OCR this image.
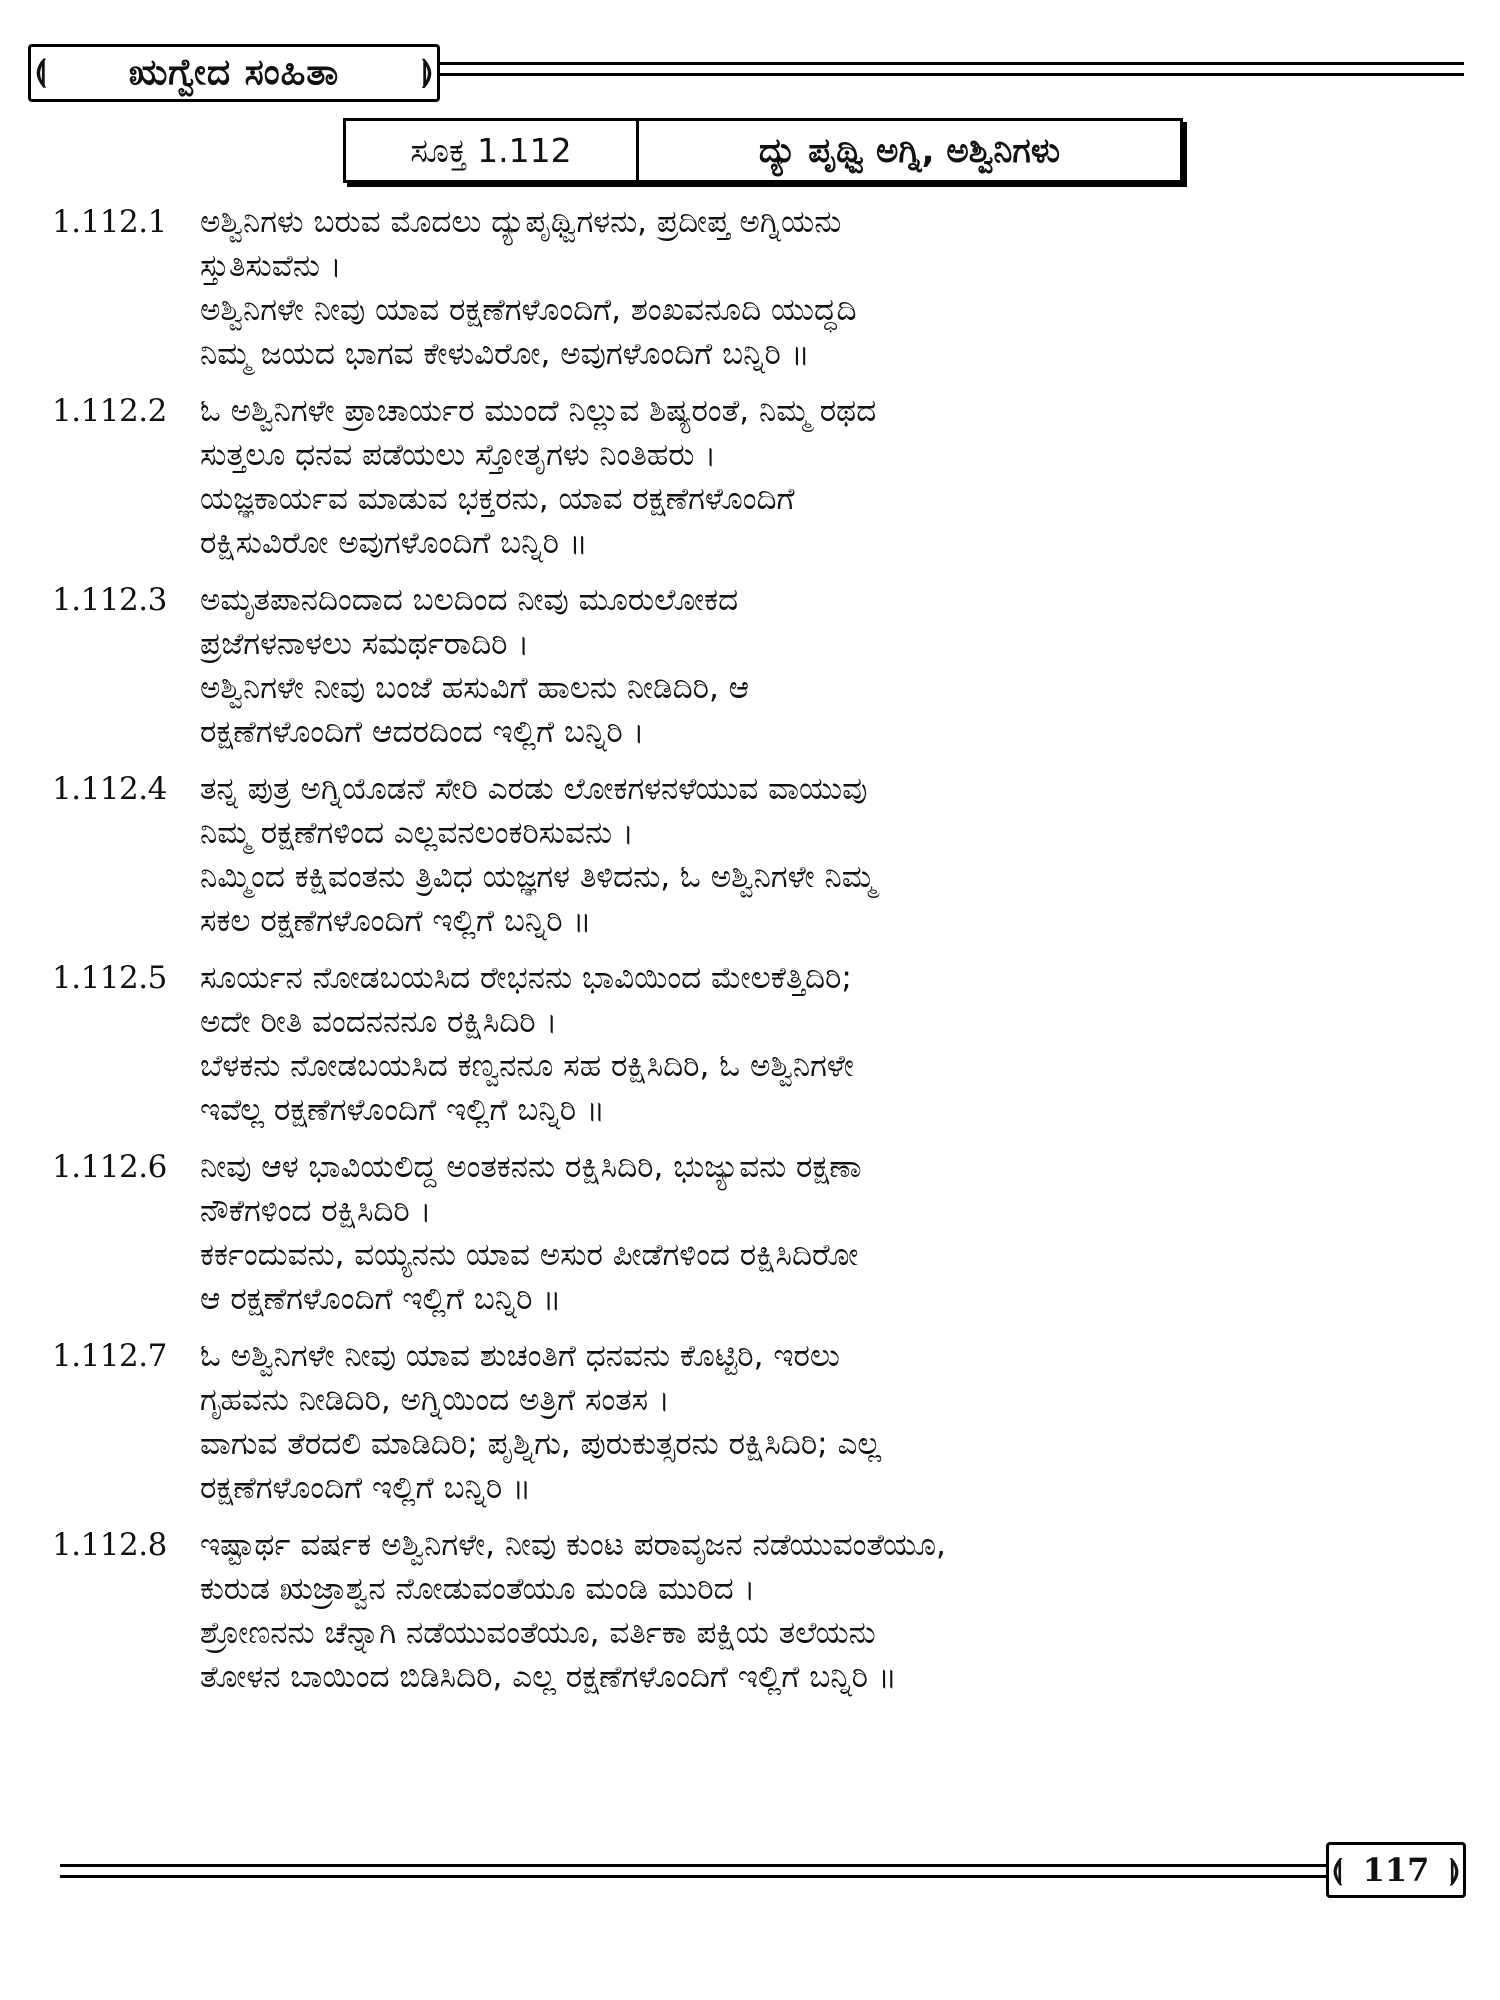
⟬ ಋಗ್ವೇದ ಸಂಹಿತಾ	⟭
ಸೂಕ್ತ 1.112	ದ್ಯು ಪೃಥ್ವಿ ಅಗ್ನಿ, ಅಶ್ವಿನಿಗಳು
1.112.1	ಅಶ್ವಿನಿಗಳು ಬರುವ ಮೊದಲು ದ್ಯುಪೃಥ್ವಿಗಳನು, ಪ್ರದೀಪ್ತ ಅಗ್ನಿಯನು
ಸ್ತುತಿಸುವೆನು ।
ಅಶ್ವಿನಿಗಳೇ ನೀವು ಯಾವ ರಕ್ಷಣೆಗಳೊಂದಿಗೆ, ಶಂಖವನೂದಿ ಯುದ್ಧದಿ
ನಿಮ್ಮ ಜಯದ ಭಾಗವ ಕೇಳುವಿರೋ, ಅವುಗಳೊಂದಿಗೆ ಬನ್ನಿರಿ ॥
1.112.2	ಓ ಅಶ್ವಿನಿಗಳೇ ಪ್ರಾಚಾರ್ಯರ ಮುಂದೆ ನಿಲ್ಲುವ ಶಿಷ್ಯರಂತೆ, ನಿಮ್ಮ ರಥದ
ಸುತ್ತಲೂ ಧನವ ಪಡೆಯಲು ಸ್ತೋತೃಗಳು ನಿಂತಿಹರು ।
ಯಜ್ಞಕಾರ್ಯವ ಮಾಡುವ ಭಕ್ತರನು, ಯಾವ ರಕ್ಷಣೆಗಳೊಂದಿಗೆ
ರಕ್ಷಿಸುವಿರೋ ಅವುಗಳೊಂದಿಗೆ ಬನ್ನಿರಿ ॥
1.112.3	ಅಮೃತಪಾನದಿಂದಾದ ಬಲದಿಂದ ನೀವು ಮೂರುಲೋಕದ
ಪ್ರಜೆಗಳನಾಳಲು ಸಮರ್ಥರಾದಿರಿ ।
ಅಶ್ವಿನಿಗಳೇ ನೀವು ಬಂಜೆ ಹಸುವಿಗೆ ಹಾಲನು ನೀಡಿದಿರಿ, ಆ
ರಕ್ಷಣೆಗಳೊಂದಿಗೆ ಆದರದಿಂದ ಇಲ್ಲಿಗೆ ಬನ್ನಿರಿ ।
1.112.4	ತನ್ನ ಪುತ್ರ ಅಗ್ನಿಯೊಡನೆ ಸೇರಿ ಎರಡು ಲೋಕಗಳನಳೆಯುವ ವಾಯುವು
ನಿಮ್ಮ ರಕ್ಷಣೆಗಳಿಂದ ಎಲ್ಲವನಲಂಕರಿಸುವನು ।
ನಿಮ್ಮಿಂದ ಕಕ್ಷಿವಂತನು ತ್ರಿವಿಧ ಯಜ್ಞಗಳ ತಿಳಿದನು, ಓ ಅಶ್ವಿನಿಗಳೇ ನಿಮ್ಮ
ಸಕಲ ರಕ್ಷಣೆಗಳೊಂದಿಗೆ ಇಲ್ಲಿಗೆ ಬನ್ನಿರಿ ॥
1.112.5	ಸೂರ್ಯನ ನೋಡಬಯಸಿದ ರೇಭನನು ಭಾವಿಯಿಂದ ಮೇಲಕೆತ್ತಿದಿರಿ;
ಅದೇ ರೀತಿ ವಂದನನನೂ ರಕ್ಷಿಸಿದಿರಿ ।
ಬೆಳಕನು ನೋಡಬಯಸಿದ ಕಣ್ವನನೂ ಸಹ ರಕ್ಷಿಸಿದಿರಿ, ಓ ಅಶ್ವಿನಿಗಳೇ
ಇವೆಲ್ಲ ರಕ್ಷಣೆಗಳೊಂದಿಗೆ ಇಲ್ಲಿಗೆ ಬನ್ನಿರಿ ॥
1.112.6	ನೀವು ಆಳ ಭಾವಿಯಲಿದ್ದ ಅಂತಕನನು ರಕ್ಷಿಸಿದಿರಿ, ಭುಜ್ಯುವನು ರಕ್ಷಣಾ
ನೌಕೆಗಳಿಂದ ರಕ್ಷಿಸಿದಿರಿ ।
ಕರ್ಕಂದುವನು, ವಯ್ಯನನು ಯಾವ ಅಸುರ ಪೀಡೆಗಳಿಂದ ರಕ್ಷಿಸಿದಿರೋ
ಆ ರಕ್ಷಣೆಗಳೊಂದಿಗೆ ಇಲ್ಲಿಗೆ ಬನ್ನಿರಿ ॥
1.112.7	ಓ ಅಶ್ವಿನಿಗಳೇ ನೀವು ಯಾವ ಶುಚಂತಿಗೆ ಧನವನು ಕೊಟ್ಟಿರಿ, ಇರಲು
ಗೃಹವನು ನೀಡಿದಿರಿ, ಅಗ್ನಿಯಿಂದ ಅತ್ರಿಗೆ ಸಂತಸ ।
ವಾಗುವ ತೆರದಲಿ ಮಾಡಿದಿರಿ; ಪೃಶ್ನಿಗು, ಪುರುಕುತ್ಸರನು ರಕ್ಷಿಸಿದಿರಿ; ಎಲ್ಲ
ರಕ್ಷಣೆಗಳೊಂದಿಗೆ ಇಲ್ಲಿಗೆ ಬನ್ನಿರಿ ॥
1.112.8	ಇಷ್ಟಾರ್ಥ ವರ್ಷಕ ಅಶ್ವಿನಿಗಳೇ, ನೀವು ಕುಂಟ ಪರಾವೃಜನ ನಡೆಯುವಂತೆಯೂ,
ಕುರುಡ ಋಜ್ರಾಶ್ವನ ನೋಡುವಂತೆಯೂ ಮಂಡಿ ಮುರಿದ ।
ಶ್ರೋಣನನು ಚೆನ್ನಾಗಿ ನಡೆಯುವಂತೆಯೂ, ವರ್ತಿಕಾ ಪಕ್ಷಿಯ ತಲೆಯನು
ತೋಳನ ಬಾಯಿಂದ ಬಿಡಿಸಿದಿರಿ, ಎಲ್ಲ ರಕ್ಷಣೆಗಳೊಂದಿಗೆ ಇಲ್ಲಿಗೆ ಬನ್ನಿರಿ ॥
⟬ 117 ⟭
